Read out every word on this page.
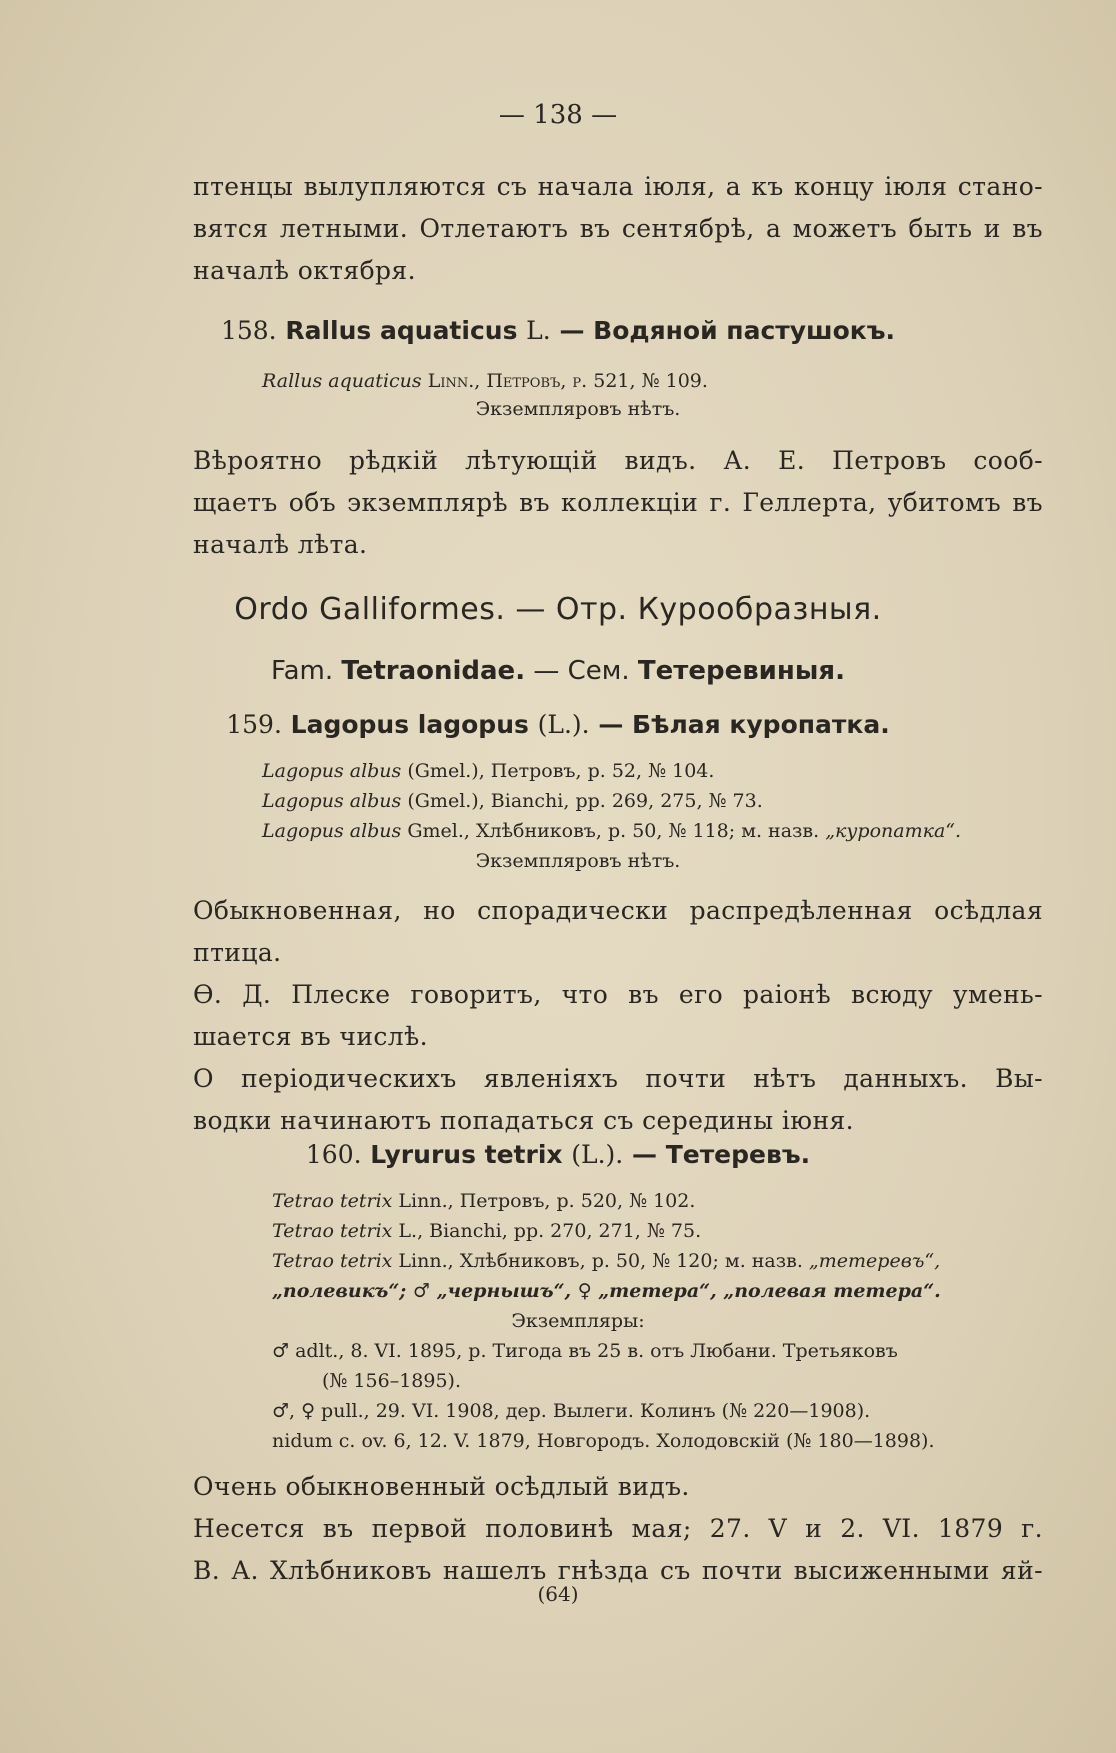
— 138 —
птенцы вылупляются съ начала іюля, а къ концу іюля стано-
вятся летными. Отлетаютъ въ сентябрѣ, а можетъ быть и въ
началѣ октября.
158. Rallus aquaticus L. — Водяной пастушокъ.
Rallus aquaticus Linn., Петровъ, p. 521, № 109.
Экземпляровъ нѣтъ.
Вѣроятно рѣдкій лѣтующій видъ. А. Е. Петровъ сооб-
щаетъ объ экземплярѣ въ коллекціи г. Геллерта, убитомъ въ
началѣ лѣта.
Ordo Galliformes. — Отр. Курообразныя.
Fam. Tetraonidae. — Сем. Тетеревиныя.
159. Lagopus lagopus (L.). — Бѣлая куропатка.
Lagopus albus (Gmel.), Петровъ, p. 52, № 104.
Lagopus albus (Gmel.), Bianchi, pp. 269, 275, № 73.
Lagopus albus Gmel., Хлѣбниковъ, p. 50, № 118; м. назв. „куропатка“.
Экземпляровъ нѣтъ.
Обыкновенная, но спорадически распредѣленная осѣдлая
птица.
Ѳ. Д. Плеске говоритъ, что въ его раіонѣ всюду умень-
шается въ числѣ.
О періодическихъ явленіяхъ почти нѣтъ данныхъ. Вы-
водки начинаютъ попадаться съ середины іюня.
160. Lyrurus tetrix (L.). — Тетеревъ.
Tetrao tetrix Linn., Петровъ, p. 520, № 102.
Tetrao tetrix L., Bianchi, pp. 270, 271, № 75.
Tetrao tetrix Linn., Хлѣбниковъ, p. 50, № 120; м. назв. „тетеревъ“,
„полевикъ“; ♂ „чернышъ“, ♀ „тетера“, „полевая тетера“.
Экземпляры:
♂ adlt., 8. VI. 1895, р. Тигода въ 25 в. отъ Любани. Третьяковъ
(№ 156–1895).
♂, ♀ pull., 29. VI. 1908, дер. Вылеги. Колинъ (№ 220—1908).
nidum c. ov. 6, 12. V. 1879, Новгородъ. Холодовскій (№ 180—1898).
Очень обыкновенный осѣдлый видъ.
Несется въ первой половинѣ мая; 27. V и 2. VI. 1879 г.
В. А. Хлѣбниковъ нашелъ гнѣзда съ почти высиженными яй-
(64)
